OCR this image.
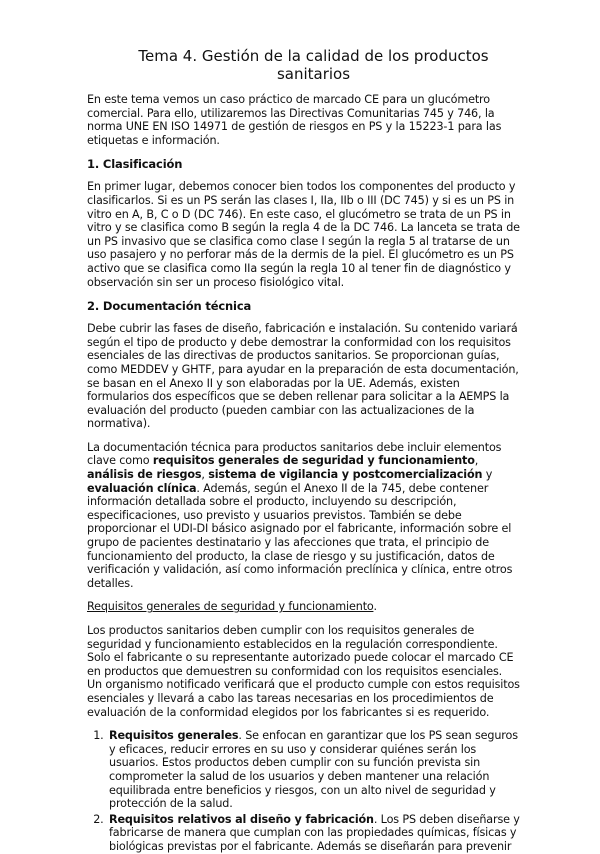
Tema 4. Gestión de la calidad de los productos sanitarios

En este tema vemos un caso práctico de marcado CE para un glucómetro comercial. Para ello, utilizaremos las Directivas Comunitarias 745 y 746, la norma UNE EN ISO 14971 de gestión de riesgos en PS y la 15223-1 para las etiquetas e información.

1. Clasificación

En primer lugar, debemos conocer bien todos los componentes del producto y clasificarlos. Si es un PS serán las clases I, IIa, IIb o III (DC 745) y si es un PS in vitro en A, B, C o D (DC 746). En este caso, el glucómetro se trata de un PS in vitro y se clasifica como B según la regla 4 de la DC 746. La lanceta se trata de un PS invasivo que se clasifica como clase I según la regla 5 al tratarse de un uso pasajero y no perforar más de la dermis de la piel. El glucómetro es un PS activo que se clasifica como IIa según la regla 10 al tener fin de diagnóstico y observación sin ser un proceso fisiológico vital.

2. Documentación técnica

Debe cubrir las fases de diseño, fabricación e instalación. Su contenido variará según el tipo de producto y debe demostrar la conformidad con los requisitos esenciales de las directivas de productos sanitarios. Se proporcionan guías, como MEDDEV y GHTF, para ayudar en la preparación de esta documentación, se basan en el Anexo II y son elaboradas por la UE. Además, existen formularios dos específicos que se deben rellenar para solicitar a la AEMPS la evaluación del producto (pueden cambiar con las actualizaciones de la normativa).

La documentación técnica para productos sanitarios debe incluir elementos clave como requisitos generales de seguridad y funcionamiento, análisis de riesgos, sistema de vigilancia y postcomercialización y evaluación clínica. Además, según el Anexo II de la 745, debe contener información detallada sobre el producto, incluyendo su descripción, especificaciones, uso previsto y usuarios previstos. También se debe proporcionar el UDI-DI básico asignado por el fabricante, información sobre el grupo de pacientes destinatario y las afecciones que trata, el principio de funcionamiento del producto, la clase de riesgo y su justificación, datos de verificación y validación, así como información preclínica y clínica, entre otros detalles.

Requisitos generales de seguridad y funcionamiento.

Los productos sanitarios deben cumplir con los requisitos generales de seguridad y funcionamiento establecidos en la regulación correspondiente. Solo el fabricante o su representante autorizado puede colocar el marcado CE en productos que demuestren su conformidad con los requisitos esenciales. Un organismo notificado verificará que el producto cumple con estos requisitos esenciales y llevará a cabo las tareas necesarias en los procedimientos de evaluación de la conformidad elegidos por los fabricantes si es requerido.

1. Requisitos generales. Se enfocan en garantizar que los PS sean seguros y eficaces, reducir errores en su uso y considerar quiénes serán los usuarios. Estos productos deben cumplir con su función prevista sin comprometer la salud de los usuarios y deben mantener una relación equilibrada entre beneficios y riesgos, con un alto nivel de seguridad y protección de la salud.
2. Requisitos relativos al diseño y fabricación. Los PS deben diseñarse y fabricarse de manera que cumplan con las propiedades químicas, físicas y biológicas previstas por el fabricante. Además se diseñarán para prevenir
